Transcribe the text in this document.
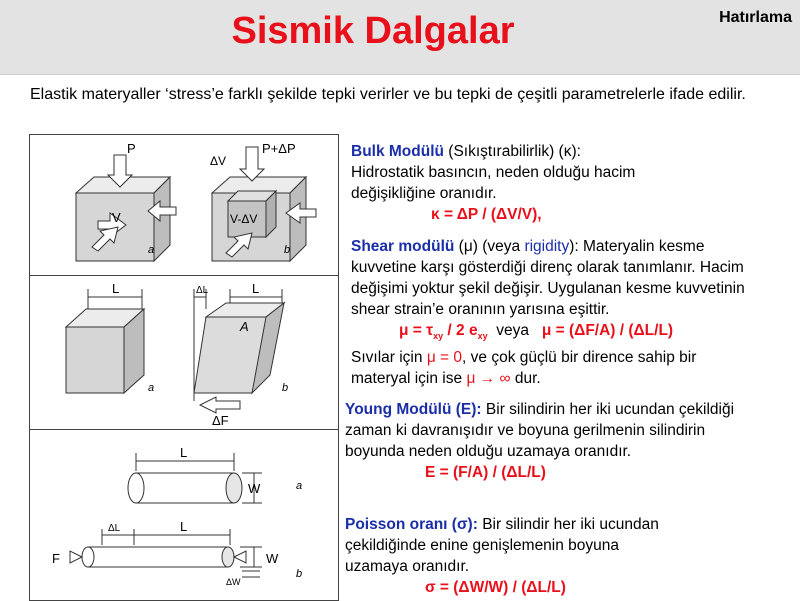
Sismik Dalgalar	Hatırlama
Elastik materyaller ‘stress’e farklı şekilde tepki verirler ve bu tepki de çeşitli parametrelerle ifade edilir.
P
V
a
P+ΔP
ΔV
V-ΔV
b
L
a
ΔL	L
A
b
ΔF
L
W	a
ΔL	L
F	W
ΔW
b
Bulk Modülü (Sıkıştırabilirlik) (κ):
Hidrostatik basıncın, neden olduğu hacim değişikliğine oranıdır.
κ = ΔP / (ΔV/V),
Shear modülü (μ) (veya rigidity): Materyalin kesme kuvvetine karşı gösterdiği direnç olarak tanımlanır. Hacim değişimi yoktur şekil değişir. Uygulanan kesme kuvvetinin shear strain’e oranının yarısına eşittir.
$\mu = \tau_{xy} / 2$ $e_{xy}$ veya μ = (ΔF/A) / (ΔL/L)
Sıvılar için μ = 0, ve çok güçlü bir dirence sahip bir materyal için ise μ → ∞ dur.
Young Modülü (E): Bir silindirin her iki ucundan çekildiği zaman ki davranışıdır ve boyuna gerilmenin silindirin boyunda neden olduğu uzamaya oranıdır.
E = (F/A) / (ΔL/L)
Poisson oranı (σ): Bir silindir her iki ucundan çekildiğinde enine genişlemenin boyuna uzamaya oranıdır.
σ = (ΔW/W) / (ΔL/L)
